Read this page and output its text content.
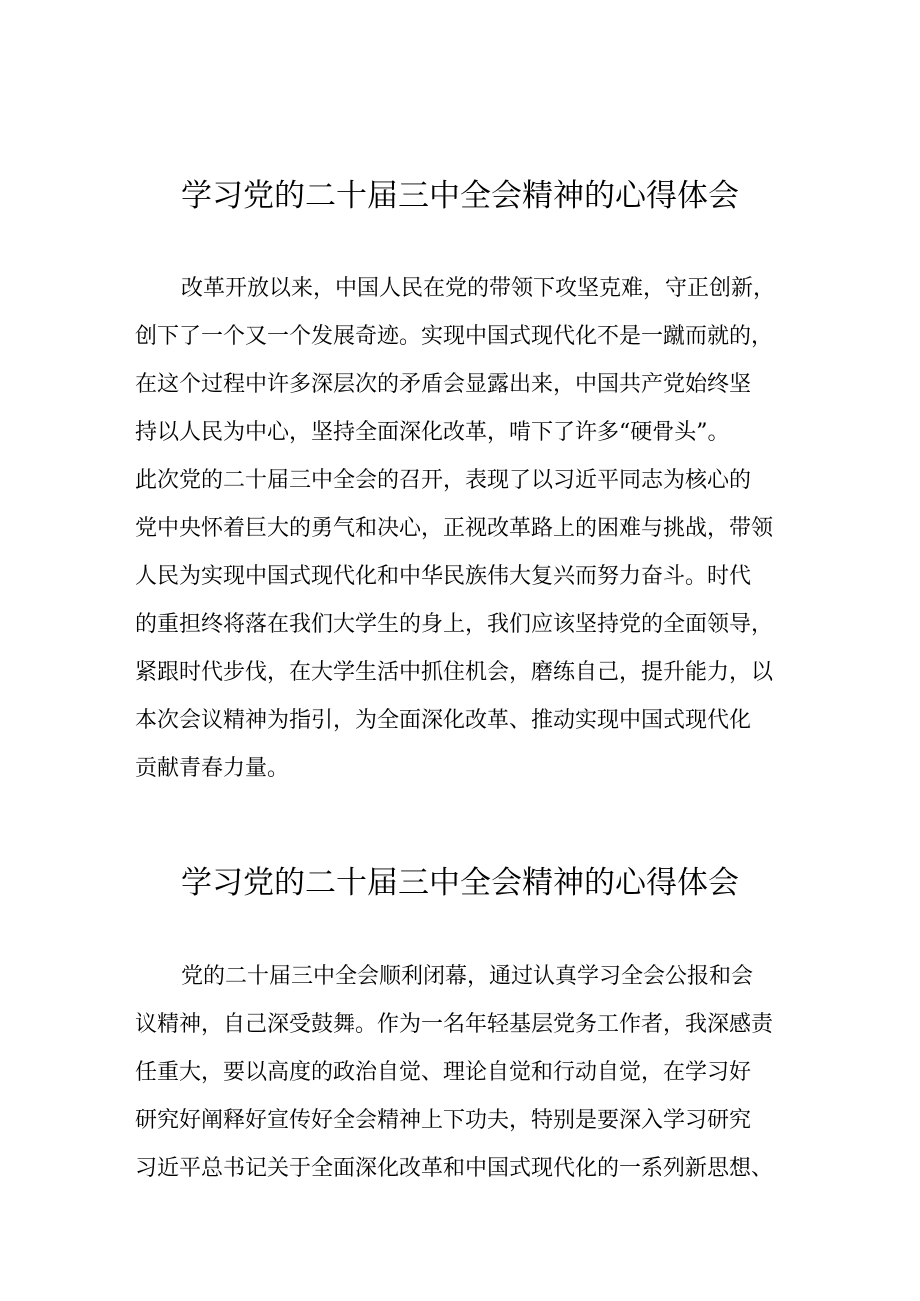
学习党的二十届三中全会精神的心得体会
改革开放以来，中国人民在党的带领下攻坚克难，守正创新，
创下了一个又一个发展奇迹。实现中国式现代化不是一蹴而就的，
在这个过程中许多深层次的矛盾会显露出来，中国共产党始终坚
持以人民为中心，坚持全面深化改革，啃下了许多“硬骨头”。
此次党的二十届三中全会的召开，表现了以习近平同志为核心的
党中央怀着巨大的勇气和决心，正视改革路上的困难与挑战，带领
人民为实现中国式现代化和中华民族伟大复兴而努力奋斗。时代
的重担终将落在我们大学生的身上，我们应该坚持党的全面领导，
紧跟时代步伐，在大学生活中抓住机会，磨练自己，提升能力，以
本次会议精神为指引，为全面深化改革、推动实现中国式现代化
贡献青春力量。
学习党的二十届三中全会精神的心得体会
党的二十届三中全会顺利闭幕，通过认真学习全会公报和会
议精神，自己深受鼓舞。作为一名年轻基层党务工作者，我深感责
任重大，要以高度的政治自觉、理论自觉和行动自觉，在学习好
研究好阐释好宣传好全会精神上下功夫，特别是要深入学习研究
习近平总书记关于全面深化改革和中国式现代化的一系列新思想、
